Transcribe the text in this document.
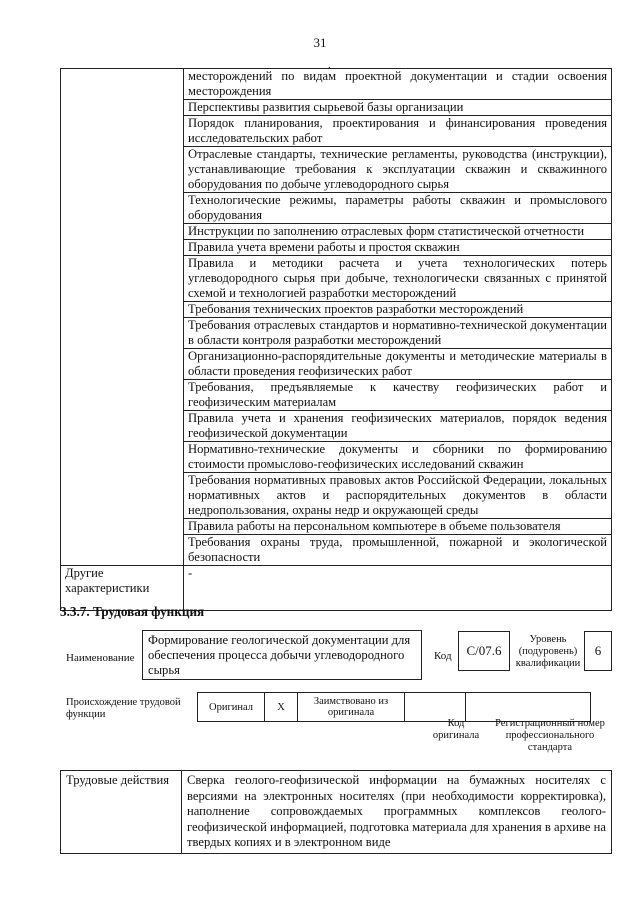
31
.
	месторождений по видам проектной документации и стадии освоения месторождения
	Перспективы развития сырьевой базы организации
	Порядок планирования, проектирования и финансирования проведения исследовательских работ
	Отраслевые стандарты, технические регламенты, руководства (инструкции), устанавливающие требования к эксплуатации скважин и скважинного оборудования по добыче углеводородного сырья
	Технологические режимы, параметры работы скважин и промыслового оборудования
	Инструкции по заполнению отраслевых форм статистической отчетности
	Правила учета времени работы и простоя скважин
	Правила и методики расчета и учета технологических потерь углеводородного сырья при добыче, технологически связанных с принятой схемой и технологией разработки месторождений
	Требования технических проектов разработки месторождений
	Требования отраслевых стандартов и нормативно-технической документации в области контроля разработки месторождений
	Организационно-распорядительные документы и методические материалы в области проведения геофизических работ
	Требования, предъявляемые к качеству геофизических работ и геофизическим материалам
	Правила учета и хранения геофизических материалов, порядок ведения геофизической документации
	Нормативно-технические документы и сборники по формированию стоимости промыслово-геофизических исследований скважин
	Требования нормативных правовых актов Российской Федерации, локальных нормативных актов и распорядительных документов в области недропользования, охраны недр и окружающей среды
	Правила работы на персональном компьютере в объеме пользователя
	Требования охраны труда, промышленной, пожарной и экологической безопасности
Другие характеристики	-
3.3.7. Трудовая функция
Наименование
Формирование геологической документации для обеспечения процесса добычи углеводородного сырья
Код	С/07.6
Уровень (подуровень) квалификации
6
Происхождение трудовой функции
Оригинал	X	Заимствовано из оригинала		
Код оригинала
Регистрационный номер профессионального стандарта
Трудовые действия	Сверка геолого-геофизической информации на бумажных носителях с версиями на электронных носителях (при необходимости корректировка), наполнение сопровождаемых программных комплексов геолого-геофизической информацией, подготовка материала для хранения в архиве на твердых копиях и в электронном виде
